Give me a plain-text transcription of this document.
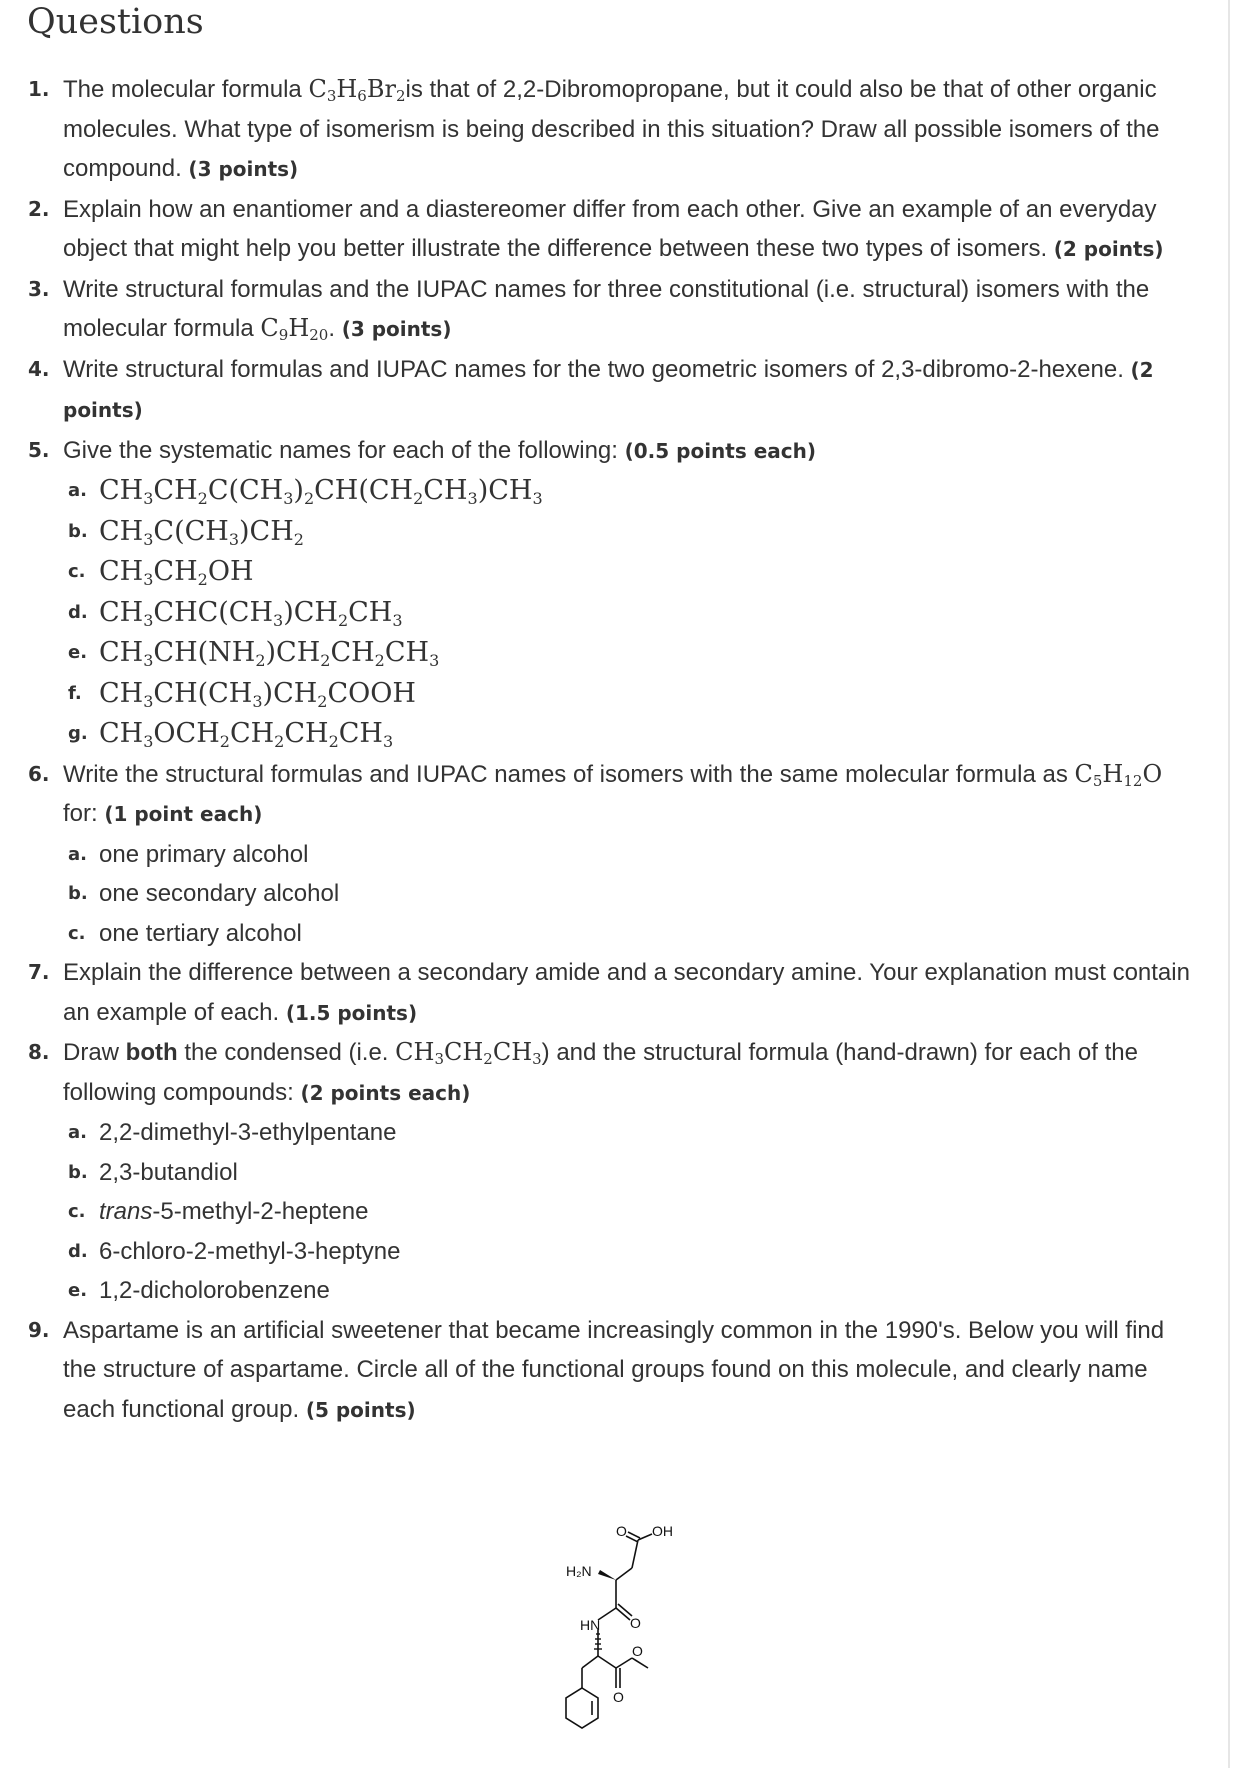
Questions
1. The molecular formula $C_3H_6Br_2is$ that of 2,2-Dibromopropane, but it could also be that of other organic molecules. What type of isomerism is being described in this situation? Draw all possible isomers of the compound. (3 points)
2. Explain how an enantiomer and a diastereomer differ from each other. Give an example of an everyday object that might help you better illustrate the difference between these two types of isomers. (2 points)
3. Write structural formulas and the IUPAC names for three constitutional (i.e. structural) isomers with the molecular formula $C_9H_{20}$. (3 points)
4. Write structural formulas and IUPAC names for the two geometric isomers of 2,3-dibromo-2-hexene. (2 points)
5. Give the systematic names for each of the following: (0.5 points each)
a. $CH_3CH_2C(CH_3)_2CH(CH_2CH_3)CH_3$
b. $CH_3C(CH_3)CH_2$
c. $CH_3CH_2OH$
d. $CH_3CHC(CH_3)CH_2CH_3$
e. $CH_3CH(NH_2)CH_2CH_2CH_3$
f. $CH_3CH(CH_3)CH_2COOH$
g. $CH_3OCH_2CH_2CH_2CH_3$
6. Write the structural formulas and IUPAC names of isomers with the same molecular formula as $C_5H_{12}O$ for: (1 point each)
a. one primary alcohol
b. one secondary alcohol
c. one tertiary alcohol
7. Explain the difference between a secondary amide and a secondary amine. Your explanation must contain an example of each. (1.5 points)
8. Draw both the condensed (i.e. $CH_3CH_2CH_3$) and the structural formula (hand-drawn) for each of the following compounds: (2 points each)
a. 2,2-dimethyl-3-ethylpentane
b. 2,3-butandiol
c. trans-5-methyl-2-heptene
d. 6-chloro-2-methyl-3-heptyne
e. 1,2-dicholorobenzene
9. Aspartame is an artificial sweetener that became increasingly common in the 1990's. Below you will find the structure of aspartame. Circle all of the functional groups found on this molecule, and clearly name each functional group. (5 points)
O OH
H₂N
HN O
O
O
